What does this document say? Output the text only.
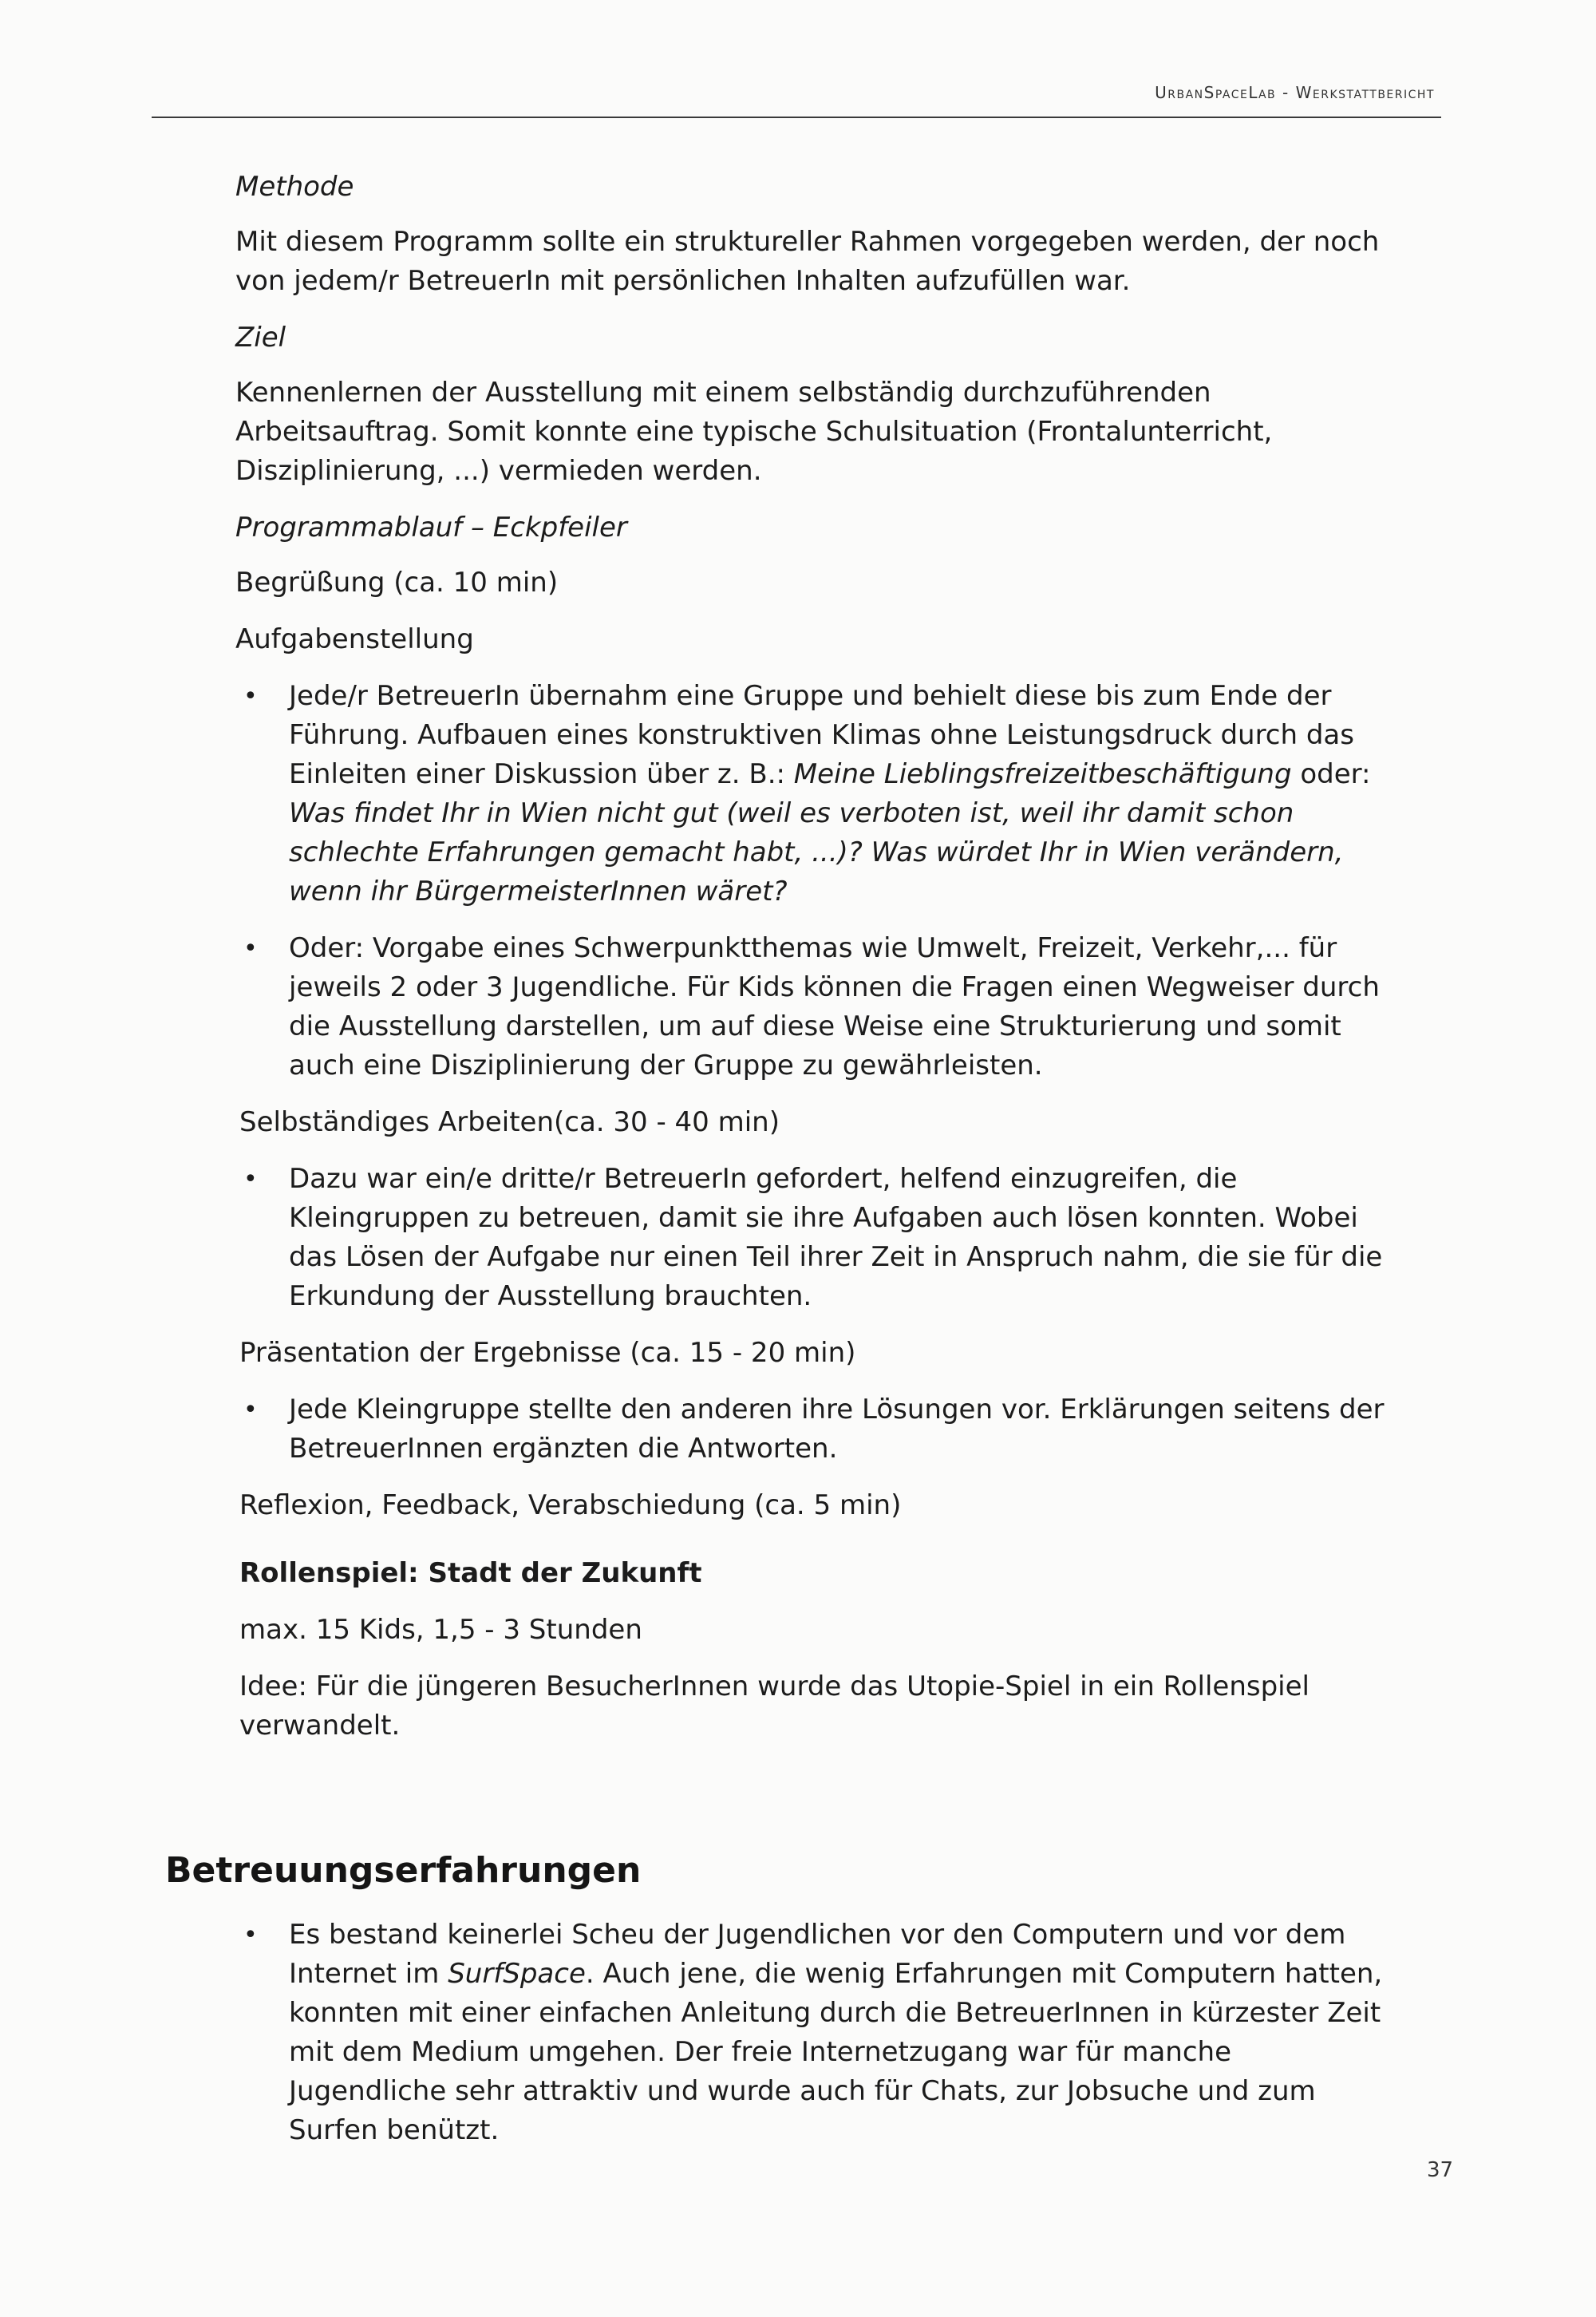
UrbanSpaceLab - Werkstattbericht
Methode

Mit diesem Programm sollte ein struktureller Rahmen vorgegeben werden, der noch von jedem/r BetreuerIn mit persönlichen Inhalten aufzufüllen war.

Ziel

Kennenlernen der Ausstellung mit einem selbständig durchzuführenden Arbeitsauftrag. Somit konnte eine typische Schulsituation (Frontalunterricht, Disziplinierung, ...) vermieden werden.

Programmablauf – Eckpfeiler

Begrüßung (ca. 10 min)

Aufgabenstellung

•	Jede/r BetreuerIn übernahm eine Gruppe und behielt diese bis zum Ende der Führung. Aufbauen eines konstruktiven Klimas ohne Leistungsdruck durch das Einleiten einer Diskussion über z. B.: Meine Lieblingsfreizeitbeschäftigung oder: Was findet Ihr in Wien nicht gut (weil es verboten ist, weil ihr damit schon schlechte Erfahrungen gemacht habt, ...)? Was würdet Ihr in Wien verändern, wenn ihr BürgermeisterInnen wäret?
•	Oder: Vorgabe eines Schwerpunktthemas wie Umwelt, Freizeit, Verkehr,... für jeweils 2 oder 3 Jugendliche. Für Kids können die Fragen einen Wegweiser durch die Ausstellung darstellen, um auf diese Weise eine Strukturierung und somit auch eine Disziplinierung der Gruppe zu gewährleisten.

Selbständiges Arbeiten(ca. 30 - 40 min)

•	Dazu war ein/e dritte/r BetreuerIn gefordert, helfend einzugreifen, die Kleingruppen zu betreuen, damit sie ihre Aufgaben auch lösen konnten. Wobei das Lösen der Aufgabe nur einen Teil ihrer Zeit in Anspruch nahm, die sie für die Erkundung der Ausstellung brauchten.

Präsentation der Ergebnisse (ca. 15 - 20 min)

•	Jede Kleingruppe stellte den anderen ihre Lösungen vor. Erklärungen seitens der BetreuerInnen ergänzten die Antworten.

Reflexion, Feedback, Verabschiedung (ca. 5 min)

Rollenspiel: Stadt der Zukunft

max. 15 Kids, 1,5 - 3 Stunden

Idee: Für die jüngeren BesucherInnen wurde das Utopie-Spiel in ein Rollenspiel verwandelt.

Betreuungserfahrungen
•	Es bestand keinerlei Scheu der Jugendlichen vor den Computern und vor dem Internet im SurfSpace. Auch jene, die wenig Erfahrungen mit Computern hatten, konnten mit einer einfachen Anleitung durch die BetreuerInnen in kürzester Zeit mit dem Medium umgehen. Der freie Internetzugang war für manche Jugendliche sehr attraktiv und wurde auch für Chats, zur Jobsuche und zum Surfen benützt.
37
